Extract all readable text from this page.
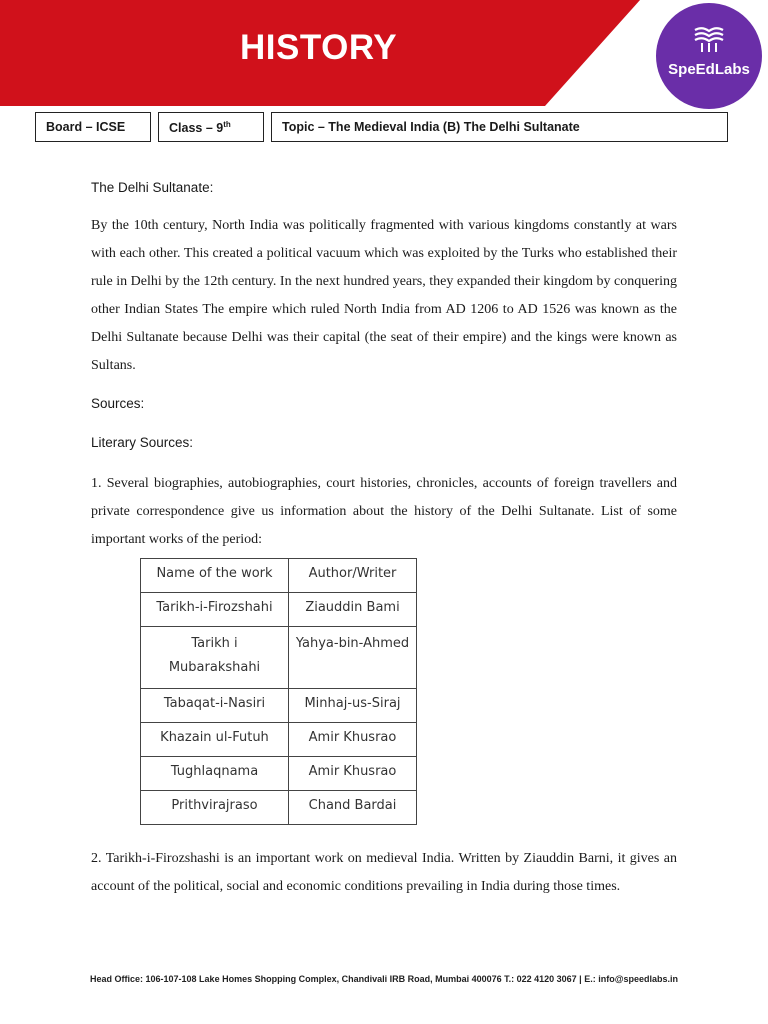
HISTORY
SpeEdLabs
Board – ICSE	Class – 9th	Topic – The Medieval India (B) The Delhi Sultanate
The Delhi Sultanate:
By the 10th century, North India was politically fragmented with various kingdoms constantly at wars with each other. This created a political vacuum which was exploited by the Turks who established their rule in Delhi by the 12th century. In the next hundred years, they expanded their kingdom by conquering other Indian States The empire which ruled North India from AD 1206 to AD 1526 was known as the Delhi Sultanate because Delhi was their capital (the seat of their empire) and the kings were known as Sultans.
Sources:
Literary Sources:
1. Several biographies, autobiographies, court histories, chronicles, accounts of foreign travellers and private correspondence give us information about the history of the Delhi Sultanate. List of some important works of the period:
Name of the work	Author/Writer
Tarikh-i-Firozshahi	Ziauddin Bami
Tarikh i Mubarakshahi	Yahya-bin-Ahmed
Tabaqat-i-Nasiri	Minhaj-us-Siraj
Khazain ul-Futuh	Amir Khusrao
Tughlaqnama	Amir Khusrao
Prithvirajraso	Chand Bardai
2. Tarikh-i-Firozshashi is an important work on medieval India. Written by Ziauddin Barni, it gives an account of the political, social and economic conditions prevailing in India during those times.
Head Office: 106-107-108 Lake Homes Shopping Complex, Chandivali IRB Road, Mumbai 400076 T.: 022 4120 3067 | E.: info@speedlabs.in
